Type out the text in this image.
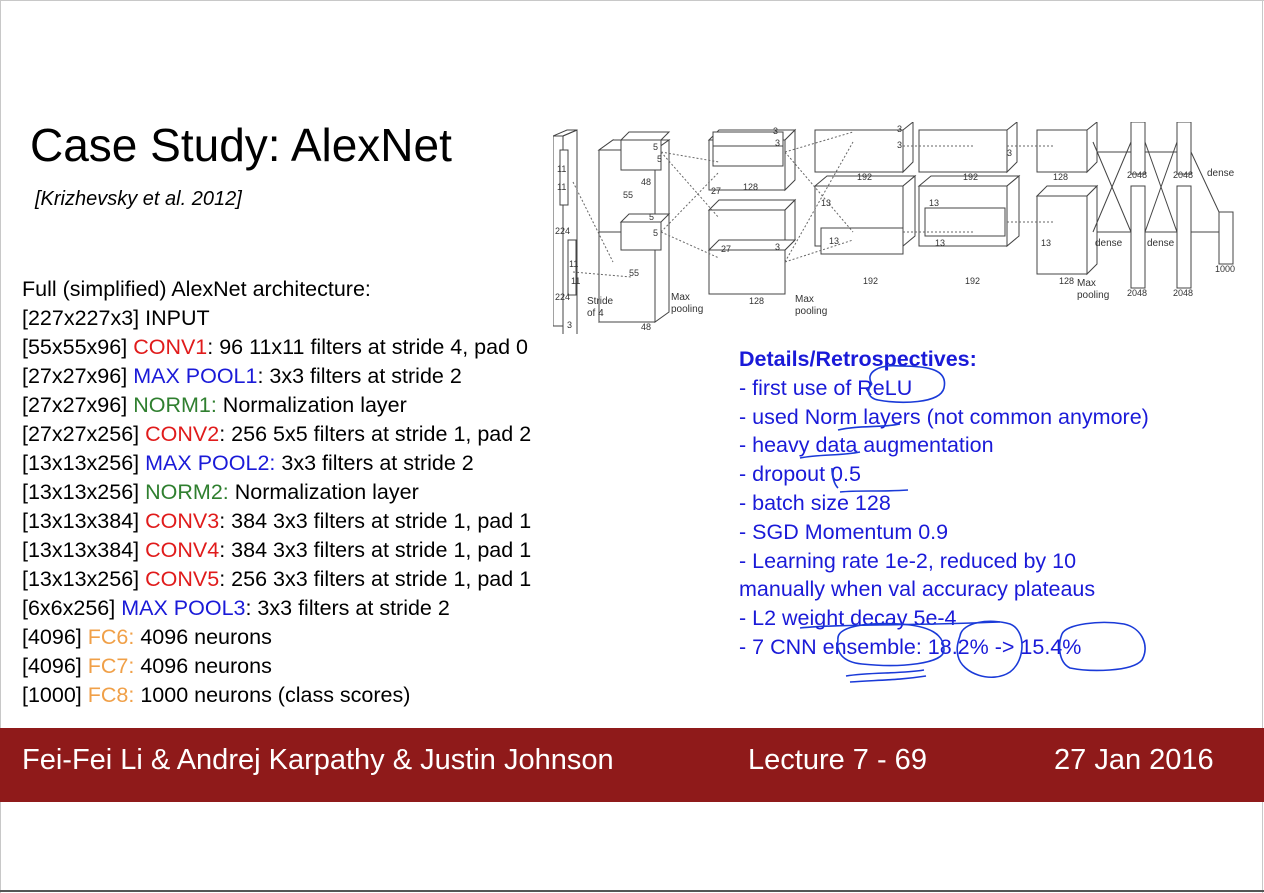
Case Study: AlexNet
[Krizhevsky et al. 2012]
224
224
11
11
11
11
3
Stride
of 4
55
55
48
48
5
5
5
5
27
27
128
128
3
3
3
3
3
3
13
13
13
13	13
192	192
192	192
128
128
2048	2048
2048	2048
dense
dense dense
1000
Max
pooling
Max
pooling
Max
pooling
Full (simplified) AlexNet architecture:
[227x227x3] INPUT
[55x55x96] CONV1: 96 11x11 filters at stride 4, pad 0
[27x27x96] MAX POOL1: 3x3 filters at stride 2
[27x27x96] NORM1: Normalization layer
[27x27x256] CONV2: 256 5x5 filters at stride 1, pad 2
[13x13x256] MAX POOL2: 3x3 filters at stride 2
[13x13x256] NORM2: Normalization layer
[13x13x384] CONV3: 384 3x3 filters at stride 1, pad 1
[13x13x384] CONV4: 384 3x3 filters at stride 1, pad 1
[13x13x256] CONV5: 256 3x3 filters at stride 1, pad 1
[6x6x256] MAX POOL3: 3x3 filters at stride 2
[4096] FC6: 4096 neurons
[4096] FC7: 4096 neurons
[1000] FC8: 1000 neurons (class scores)
Details/Retrospectives:
- first use of ReLU
- used Norm layers (not common anymore)
- heavy data augmentation
- dropout 0.5
- batch size 128
- SGD Momentum 0.9
- Learning rate 1e-2, reduced by 10
manually when val accuracy plateaus
- L2 weight decay 5e-4
- 7 CNN ensemble: 18.2% -> 15.4%
Fei-Fei Li & Andrej Karpathy & Justin Johnson	Lecture 7 - 69	27 Jan 2016
